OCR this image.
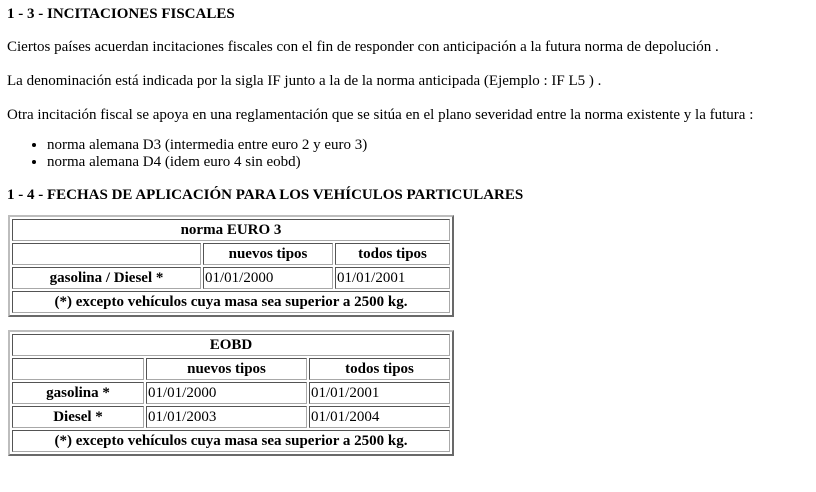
1 - 3 - INCITACIONES FISCALES

Ciertos países acuerdan incitaciones fiscales con el fin de responder con anticipación a la futura norma de depolución .

La denominación está indicada por la sigla IF junto a la de la norma anticipada (Ejemplo : IF L5 ) .

Otra incitación fiscal se apoya en una reglamentación que se sitúa en el plano severidad entre la norma existente y la futura :

• norma alemana D3 (intermedia entre euro 2 y euro 3)
• norma alemana D4 (idem euro 4 sin eobd)
1 - 4 - FECHAS DE APLICACIÓN PARA LOS VEHÍCULOS PARTICULARES
norma EURO 3		
	nuevos tipos	todos tipos
gasolina / Diesel *	01/01/2000	01/01/2001
(*) excepto vehículos cuya masa sea superior a 2500 kg.		
EOBD		
	nuevos tipos	todos tipos
gasolina *	01/01/2000	01/01/2001
Diesel *	01/01/2003	01/01/2004
(*) excepto vehículos cuya masa sea superior a 2500 kg.		
